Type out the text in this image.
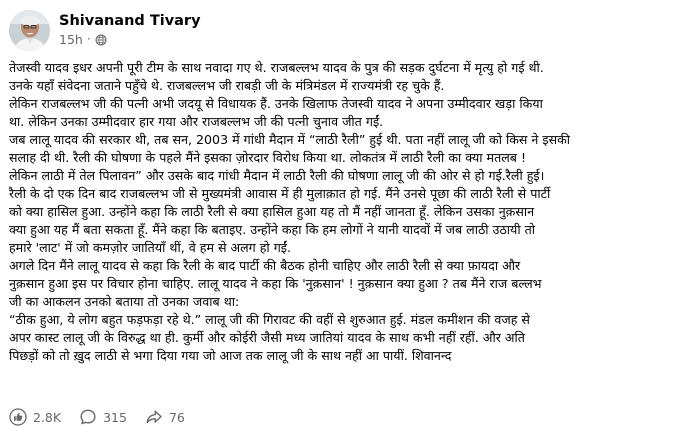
Shivanand Tivary
15h ·
तेजस्वी यादव इधर अपनी पूरी टीम के साथ नवादा गए थे. राजबल्लभ यादव के पुत्र की सड़क दुर्घटना में मृत्यु हो गई थी.
उनके यहाँ संवेदना जताने पहुँचे थे. राजबल्लभ जी राबड़ी जी के मंत्रिमंडल में राज्यमंत्री रह चुके हैं.
लेकिन राजबल्लभ जी की पत्नी अभी जदयू से विधायक हैं. उनके खिलाफ तेजस्वी यादव ने अपना उम्मीदवार खड़ा किया
था. लेकिन उनका उम्मीदवार हार गया और राजबल्लभ जी की पत्नी चुनाव जीत गईं.
जब लालू यादव की सरकार थी, तब सन, 2003 में गांधी मैदान में “लाठी रैली” हुई थी. पता नहीं लालू जी को किस ने इसकी
सलाह दी थी. रैली की घोषणा के पहले मैंने इसका ज़ोरदार विरोध किया था. लोकतंत्र में लाठी रैली का क्या मतलब !
लेकिन लाठी में तेल पिलावन” और उसके बाद गांधी मैदान में लाठी रैली की घोषणा लालू जी की ओर से हो गई.रैली हुई।
रैली के दो एक दिन बाद राजबल्लभ जी से मुख्यमंत्री आवास में ही मुलाक़ात हो गई. मैंने उनसे पूछा की लाठी रैली से पार्टी
को क्या हासिल हुआ. उन्होंने कहा कि लाठी रैली से क्या हासिल हुआ यह तो मैं नहीं जानता हूँ. लेकिन उसका नुक़सान
क्या हुआ यह मैं बता सकता हूँ. मैंने कहा कि बताइए. उन्होंने कहा कि हम लोगों ने यानी यादवों में जब लाठी उठायी तो
हमारे 'लाट' में जो कमज़ोर जातियाँ थीं, वे हम से अलग हो गईं.
अगले दिन मैंने लालू यादव से कहा कि रैली के बाद पार्टी की बैठक होनी चाहिए और लाठी रैली से क्या फ़ायदा और
नुक़सान हुआ इस पर विचार होना चाहिए. लालू यादव ने कहा कि 'नुक़सान' ! नुक़सान क्या हुआ ? तब मैंने राज बल्लभ
जी का आकलन उनको बताया तो उनका जवाब था:
“ठीक हुआ, ये लोग बहुत फड़फड़ा रहे थे.” लालू जी की गिरावट की वहीं से शुरुआत हुई. मंडल कमीशन की वजह से
अपर कास्ट लालू जी के विरुद्ध था ही. कुर्मी और कोईरी जैसी मध्य जातियां यादव के साथ कभी नहीं रहीं. और अति
पिछड़ों को तो ख़ुद लाठी से भगा दिया गया जो आज तक लालू जी के साथ नहीं आ पायीं. शिवानन्द
2.8K	315	76
